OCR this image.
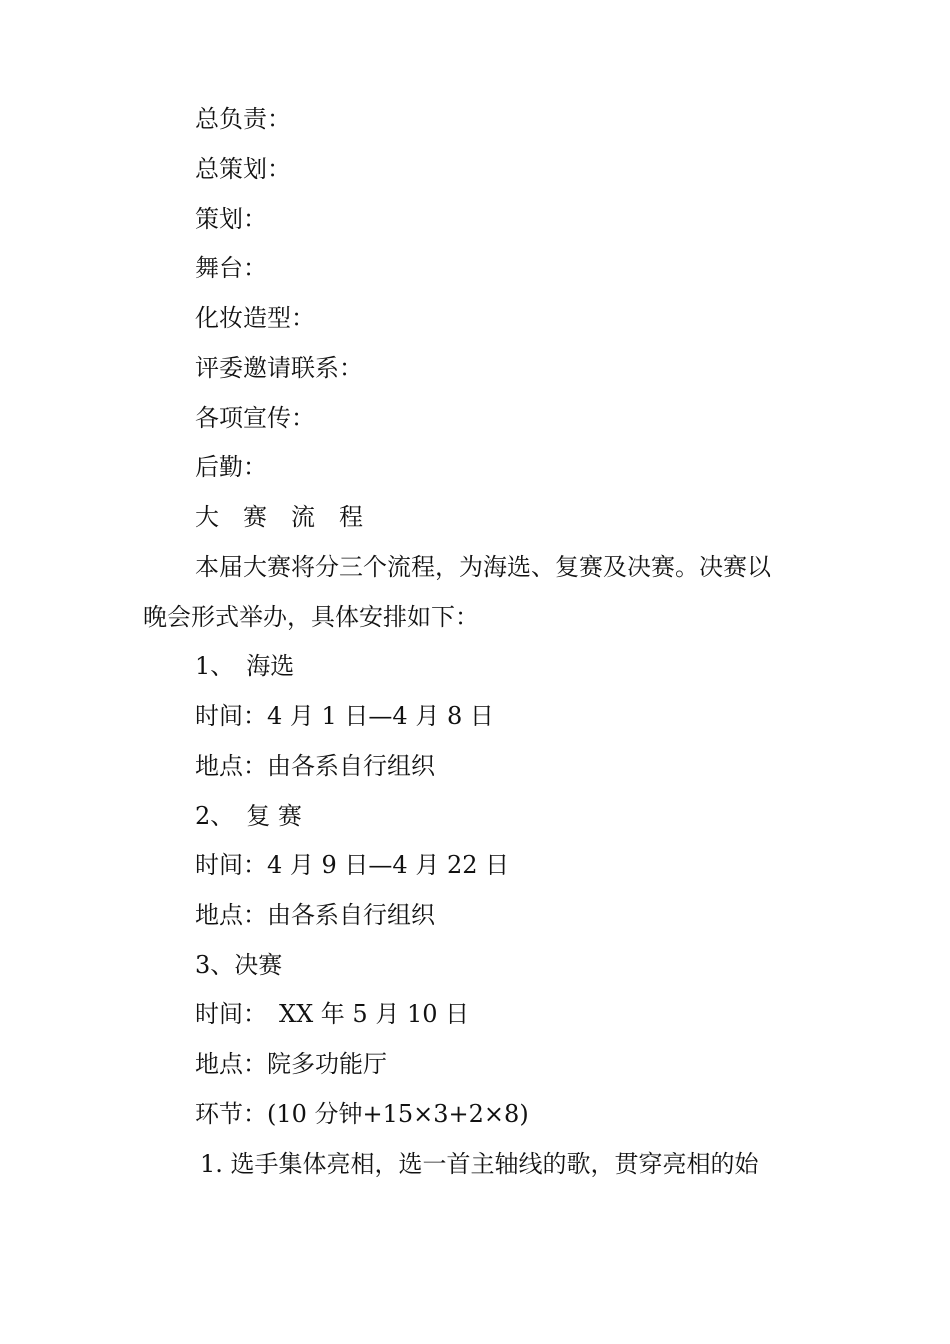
总负责：
总策划：
策划：
舞台：
化妆造型：
评委邀请联系：
各项宣传：
后勤：
大　赛　流　程
本届大赛将分三个流程，为海选、复赛及决赛。决赛以
晚会形式举办，具体安排如下：
1、　海选
时间：4 月 1 日—4 月 8 日
地点：由各系自行组织
2、　复 赛
时间：4 月 9 日—4 月 22 日
地点：由各系自行组织
3、决赛
时间：　XX 年 5 月 10 日
地点：院多功能厅
环节：(10 分钟+15×3+2×8)
1. 选手集体亮相，选一首主轴线的歌，贯穿亮相的始
